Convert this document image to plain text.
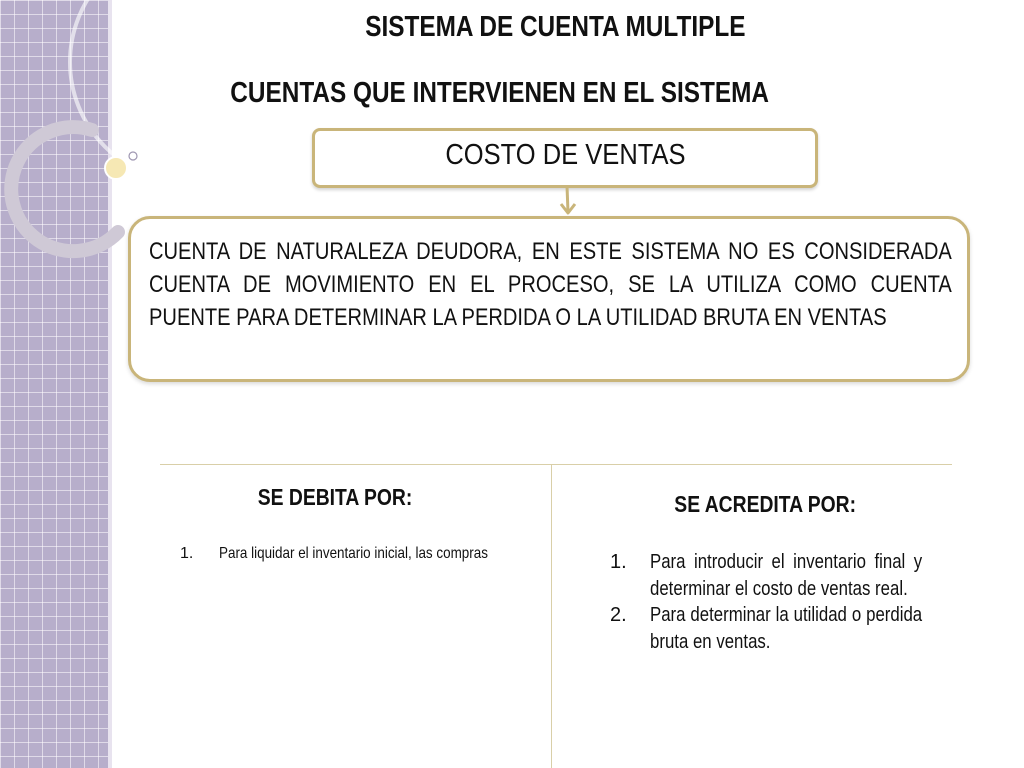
SISTEMA DE CUENTA MULTIPLE
CUENTAS QUE INTERVIENEN EN EL SISTEMA
COSTO DE VENTAS
CUENTA DE NATURALEZA DEUDORA, EN ESTE SISTEMA NO ES CONSIDERADA CUENTA DE MOVIMIENTO EN EL PROCESO, SE LA UTILIZA COMO CUENTA PUENTE PARA DETERMINAR LA PERDIDA O LA UTILIDAD BRUTA EN VENTAS
SE DEBITA POR:
1. Para liquidar el inventario inicial, las compras
SE ACREDITA POR:
1. Para introducir el inventario final y determinar el costo de ventas real.
2. Para determinar la utilidad o perdida bruta en ventas.
